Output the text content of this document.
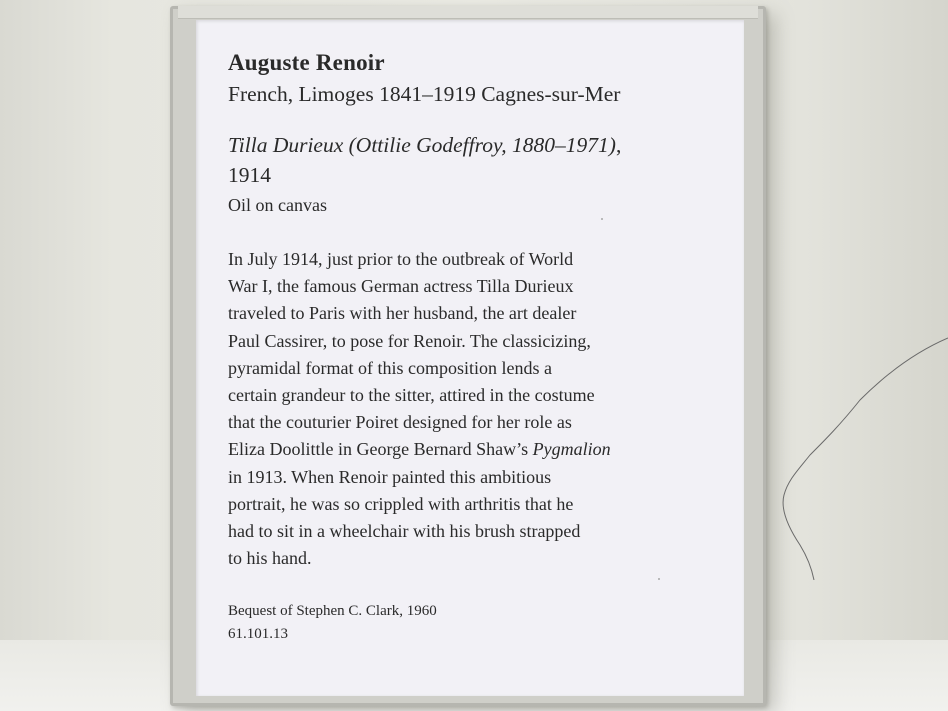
Auguste Renoir
French, Limoges 1841–1919 Cagnes-sur-Mer
Tilla Durieux (Ottilie Godeffroy, 1880–1971),
1914
Oil on canvas
In July 1914, just prior to the outbreak of World
War I, the famous German actress Tilla Durieux
traveled to Paris with her husband, the art dealer
Paul Cassirer, to pose for Renoir. The classicizing,
pyramidal format of this composition lends a
certain grandeur to the sitter, attired in the costume
that the couturier Poiret designed for her role as
Eliza Doolittle in George Bernard Shaw’s Pygmalion
in 1913. When Renoir painted this ambitious
portrait, he was so crippled with arthritis that he
had to sit in a wheelchair with his brush strapped
to his hand.
Bequest of Stephen C. Clark, 1960
61.101.13
